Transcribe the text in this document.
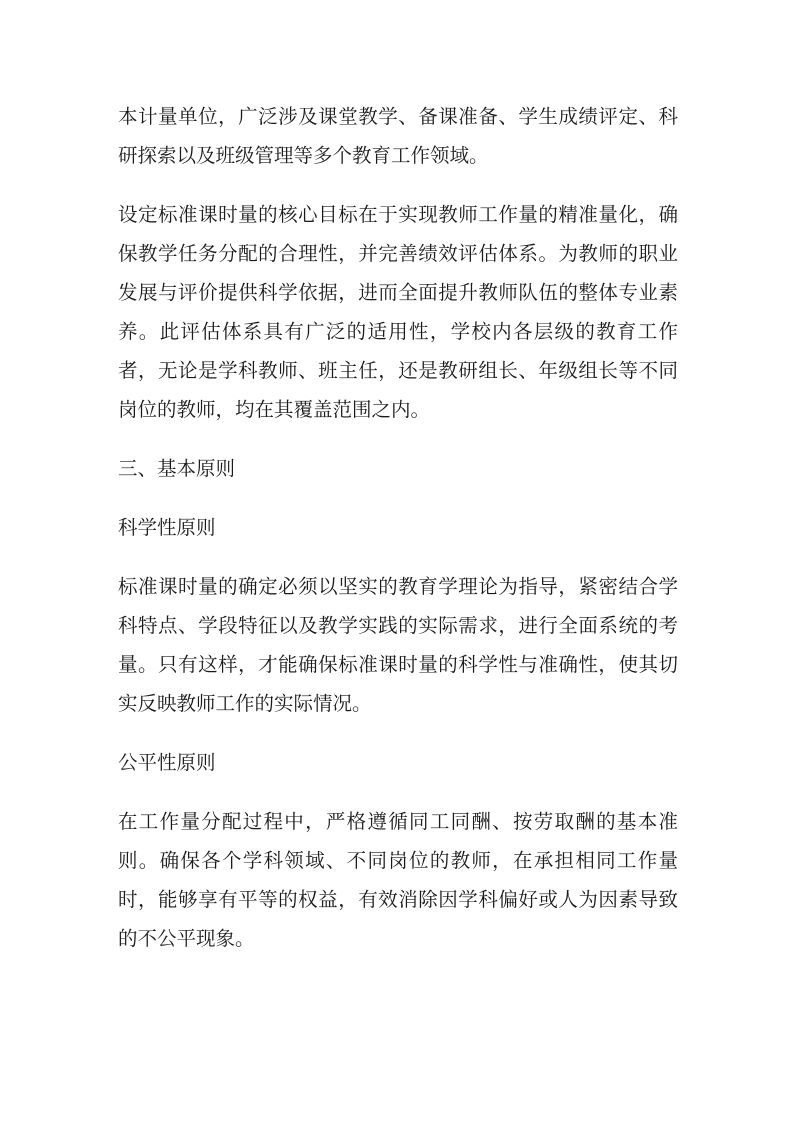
本计量单位，广泛涉及课堂教学、备课准备、学生成绩评定、科研探索以及班级管理等多个教育工作领域。

设定标准课时量的核心目标在于实现教师工作量的精准量化，确保教学任务分配的合理性，并完善绩效评估体系。为教师的职业发展与评价提供科学依据，进而全面提升教师队伍的整体专业素养。此评估体系具有广泛的适用性，学校内各层级的教育工作者，无论是学科教师、班主任，还是教研组长、年级组长等不同岗位的教师，均在其覆盖范围之内。

三、基本原则

科学性原则

标准课时量的确定必须以坚实的教育学理论为指导，紧密结合学科特点、学段特征以及教学实践的实际需求，进行全面系统的考量。只有这样，才能确保标准课时量的科学性与准确性，使其切实反映教师工作的实际情况。

公平性原则

在工作量分配过程中，严格遵循同工同酬、按劳取酬的基本准则。确保各个学科领域、不同岗位的教师，在承担相同工作量时，能够享有平等的权益，有效消除因学科偏好或人为因素导致的不公平现象。
